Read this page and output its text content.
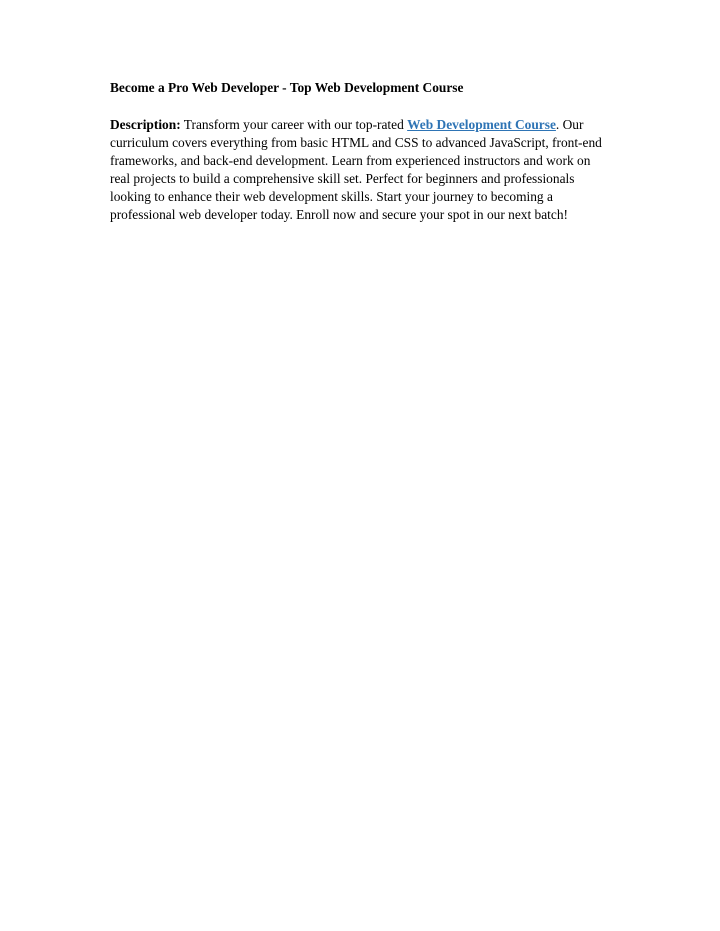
Become a Pro Web Developer - Top Web Development Course

Description: Transform your career with our top-rated Web Development Course. Our
curriculum covers everything from basic HTML and CSS to advanced JavaScript, front-end
frameworks, and back-end development. Learn from experienced instructors and work on
real projects to build a comprehensive skill set. Perfect for beginners and professionals
looking to enhance their web development skills. Start your journey to becoming a
professional web developer today. Enroll now and secure your spot in our next batch!
